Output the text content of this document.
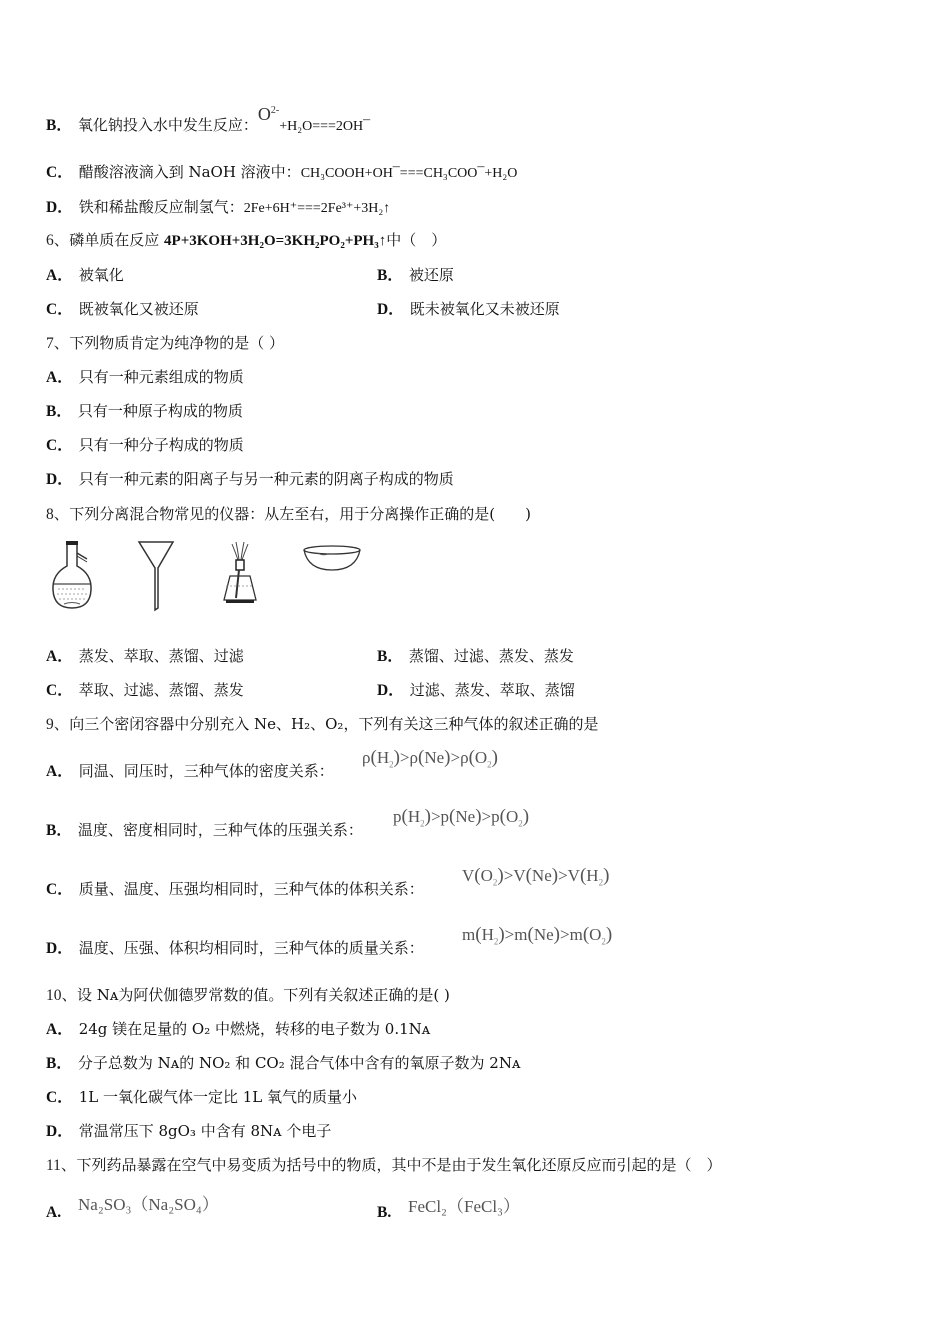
B． 氧化钠投入水中发生反应：$O^{2-}+H_2O===2OH¯$
C． 醋酸溶液滴入到 NaOH 溶液中：CH₃COOH+OH¯===CH₃COO¯+H₂O
D． 铁和稀盐酸反应制氢气：2Fe+6H⁺===2Fe³⁺+3H₂↑
6、磷单质在反应 4P+3KOH+3H₂O=3KH₂PO₂+PH₃↑中（　）
A． 被氧化	B． 被还原
C． 既被氧化又被还原	D． 既未被氧化又未被还原
7、下列物质肯定为纯净物的是（ ）
A． 只有一种元素组成的物质
B． 只有一种原子构成的物质
C． 只有一种分子构成的物质
D． 只有一种元素的阳离子与另一种元素的阴离子构成的物质
8、下列分离混合物常见的仪器：从左至右，用于分离操作正确的是(　　)
A． 蒸发、萃取、蒸馏、过滤	B． 蒸馏、过滤、蒸发、蒸发
C． 萃取、过滤、蒸馏、蒸发	D． 过滤、蒸发、萃取、蒸馏
9、向三个密闭容器中分别充入 Ne、H₂、O₂，下列有关这三种气体的叙述正确的是
A． 同温、同压时，三种气体的密度关系：
$\rho(H_2)>\rho(Ne)>\rho(O_2)$
B． 温度、密度相同时，三种气体的压强关系：
$p(H_2)>p(Ne)>p(O_2)$
C． 质量、温度、压强均相同时，三种气体的体积关系：
$V(O_2)>V(Ne)>V(H_2)$
D． 温度、压强、体积均相同时，三种气体的质量关系：
$m(H_2)>m(Ne)>m(O_2)$
10、设 Nᴀ为阿伏伽德罗常数的值。下列有关叙述正确的是( )
A． 24g 镁在足量的 O₂ 中燃烧，转移的电子数为 0.1Nᴀ
B． 分子总数为 Nᴀ的 NO₂ 和 CO₂ 混合气体中含有的氧原子数为 2Nᴀ
C． 1L 一氧化碳气体一定比 1L 氧气的质量小
D． 常温常压下 8gO₃ 中含有 8Nᴀ 个电子
11、下列药品暴露在空气中易变质为括号中的物质，其中不是由于发生氧化还原反应而引起的是（　）
A. Na₂SO₃（Na₂SO₄）	B. FeCl₂（FeCl₃）
